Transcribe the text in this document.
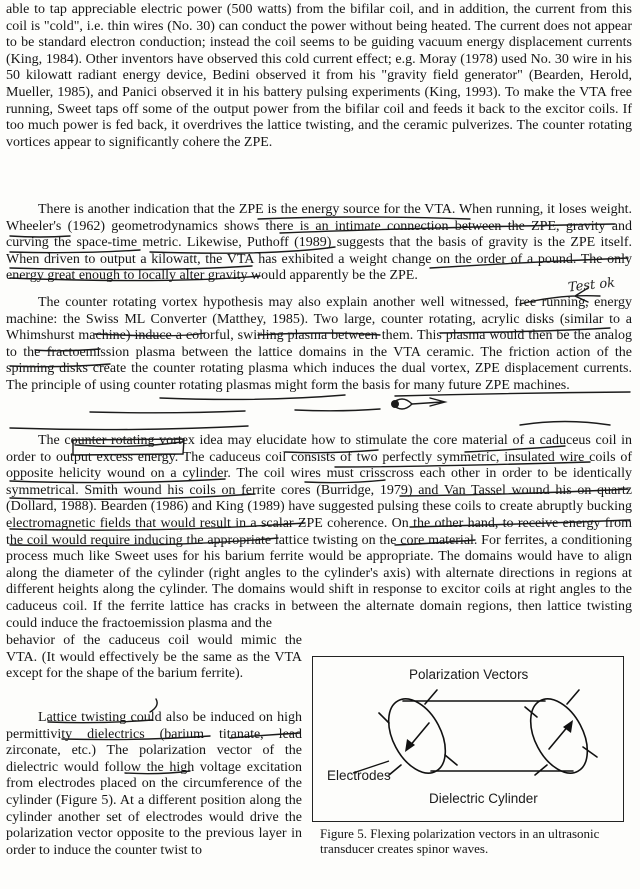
able to tap appreciable electric power (500 watts) from the bifilar coil, and in addition, the current from this coil is "cold", i.e. thin wires (No. 30) can conduct the power without being heated. The current does not appear to be standard electron conduction; instead the coil seems to be guiding vacuum energy displacement currents (King, 1984). Other inventors have observed this cold current effect; e.g. Moray (1978) used No. 30 wire in his 50 kilowatt radiant energy device, Bedini observed it from his "gravity field generator" (Bearden, Herold, Mueller, 1985), and Panici observed it in his battery pulsing experiments (King, 1993). To make the VTA free running, Sweet taps off some of the output power from the bifilar coil and feeds it back to the excitor coils. If too much power is fed back, it overdrives the lattice twisting, and the ceramic pulverizes. The counter rotating vortices appear to significantly cohere the ZPE.

There is another indication that the ZPE is the energy source for the VTA. When running, it loses weight. Wheeler's (1962) geometrodynamics shows there is an intimate connection between the ZPE, gravity and curving the space-time metric. Likewise, Puthoff (1989) suggests that the basis of gravity is the ZPE itself. When driven to output a kilowatt, the VTA has exhibited a weight change on the order of a pound. The only energy great enough to locally alter gravity would apparently be the ZPE.

The counter rotating vortex hypothesis may also explain another well witnessed, free running, energy machine: the Swiss ML Converter (Matthey, 1985). Two large, counter rotating, acrylic disks (similar to a Whimshurst machine) induce a colorful, swirling plasma between them. This plasma would then be the analog to the fractoemission plasma between the lattice domains in the VTA ceramic. The friction action of the spinning disks create the counter rotating plasma which induces the dual vortex, ZPE displacement currents. The principle of using counter rotating plasmas might form the basis for many future ZPE machines.

The counter rotating vortex idea may elucidate how to stimulate the core material of a caduceus coil in order to output excess energy. The caduceus coil consists of two perfectly symmetric, insulated wire coils of opposite helicity wound on a cylinder. The coil wires must crisscross each other in order to be identically symmetrical. Smith wound his coils on ferrite cores (Burridge, 1979) and Van Tassel wound his on quartz (Dollard, 1988). Bearden (1986) and King (1989) have suggested pulsing these coils to create abruptly bucking electromagnetic fields that would result in a scalar ZPE coherence. On the other hand, to receive energy from the coil would require inducing the appropriate lattice twisting on the core material. For ferrites, a conditioning process much like Sweet uses for his barium ferrite would be appropriate. The domains would have to align along the diameter of the cylinder (right angles to the cylinder's axis) with alternate directions in regions at different heights along the cylinder. The domains would shift in response to excitor coils at right angles to the caduceus coil. If the ferrite lattice has cracks in between the alternate domain regions, then lattice twisting could induce the fractoemission plasma and the

behavior of the caduceus coil would mimic the VTA. (It would effectively be the same as the VTA except for the shape of the barium ferrite).

Lattice twisting could also be induced on high permittivity dielectrics (barium titanate, lead zirconate, etc.) The polarization vector of the dielectric would follow the high voltage excitation from electrodes placed on the circumference of the cylinder (Figure 5). At a different position along the cylinder another set of electrodes would drive the polarization vector opposite to the previous layer in order to induce the counter twist to

Test ok
Polarization Vectors
Electrodes
Dielectric Cylinder
Figure 5. Flexing polarization vectors in an ultrasonic transducer creates spinor waves.
